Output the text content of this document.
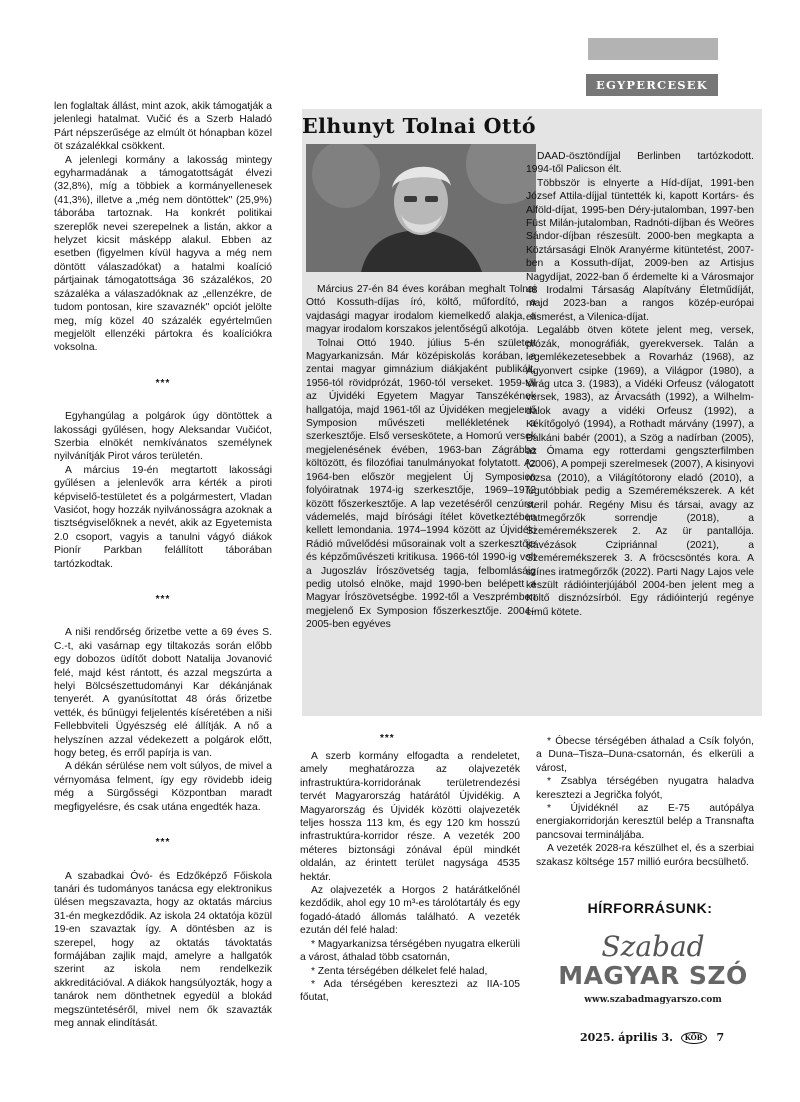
EGYPERCESEK

len foglaltak állást, mint azok, akik támogatják a jelenlegi hatalmat. Vučić és a Szerb Haladó Párt népszerűsége az elmúlt öt hónapban közel öt százalékkal csökkent.

A jelenlegi kormány a lakosság mintegy egyharmadának a támogatottságát élvezi (32,8%), míg a többiek a kormányellenesek (41,3%), illetve a „még nem döntöttek" (25,9%) táborába tartoznak. Ha konkrét politikai szereplők nevei szerepelnek a listán, akkor a helyzet kicsit másképp alakul. Ebben az esetben (figyelmen kívül hagyva a még nem döntött válaszadókat) a hatalmi koalíció pártjainak támogatottsága 36 százalékos, 20 százaléka a válaszadóknak az „ellenzékre, de tudom pontosan, kire szavaznék" opciót jelölte meg, míg közel 40 százalék egyértelműen megjelölt ellenzéki pártokra és koalíciókra voksolna.

***

Egyhangúlag a polgárok úgy döntöttek a lakossági gyűlésen, hogy Aleksandar Vučićot, Szerbia elnökét nemkívánatos személynek nyilvánítják Pirot város területén.

A március 19-én megtartott lakossági gyűlésen a jelenlevők arra kérték a piroti képviselő-testületet és a polgármestert, Vladan Vasićot, hogy hozzák nyilvánosságra azoknak a tisztségviselőknek a nevét, akik az Egyetemista 2.0 csoport, vagyis a tanulni vágyó diákok Pionír Parkban felállított táborában tartózkodtak.

***

A niši rendőrség őrizetbe vette a 69 éves S. C.-t, aki vasárnap egy tiltakozás során előbb egy dobozos üdítőt dobott Natalija Jovanović felé, majd kést rántott, és azzal megszúrta a helyi Bölcsészettudományi Kar dékánjának tenyerét. A gyanúsítottat 48 órás őrizetbe vették, és bűnügyi feljelentés kíséretében a niši Fellebbviteli Ügyészség elé állítják. A nő a helyszínen azzal védekezett a polgárok előtt, hogy beteg, és erről papírja is van.

A dékán sérülése nem volt súlyos, de mivel a vérnyomása felment, így egy rövidebb ideig még a Sürgősségi Központban maradt megfigyelésre, és csak utána engedték haza.

***

A szabadkai Óvó- és Edzőképző Főiskola tanári és tudományos tanácsa egy elektronikus ülésen megszavazta, hogy az oktatás március 31-én megkezdődik. Az iskola 24 oktatója közül 19-en szavaztak így. A döntésben az is szerepel, hogy az oktatás távoktatás formájában zajlik majd, amelyre a hallgatók szerint az iskola nem rendelkezik akkreditációval. A diákok hangsúlyozták, hogy a tanárok nem dönthetnek egyedül a blokád megszüntetéséről, mivel nem ők szavazták meg annak elindítását.

Elhunyt Tolnai Ottó

Március 27-én 84 éves korában meghalt Tolnai Ottó Kossuth-díjas író, költő, műfordító, a vajdasági magyar irodalom kiemelkedő alakja, a magyar irodalom korszakos jelentőségű alkotója.

Tolnai Ottó 1940. július 5-én született Magyarkanizsán. Már középiskolás korában, a zentai magyar gimnázium diákjaként publikált, 1956-tól rövidprózát, 1960-tól verseket. 1959-től az Újvidéki Egyetem Magyar Tanszékének hallgatója, majd 1961-től az Újvidéken megjelenő Symposion művészeti mellékletének a szerkesztője. Első verseskötete, a Homorú versek megjelenésének évében, 1963-ban Zágrábba költözött, és filozófiai tanulmányokat folytatott. Az 1964-ben először megjelent Új Symposion folyóiratnak 1974-ig szerkesztője, 1969–1972 között főszerkesztője. A lap vezetéséről cenzúra, vádemelés, majd bírósági ítélet következtében kellett lemondania. 1974–1994 között az Újvidéki Rádió művelődési műsorainak volt a szerkesztője és képzőművészeti kritikusa. 1966-tól 1990-ig volt a Jugoszláv Írószövetség tagja, felbomlásáig pedig utolsó elnöke, majd 1990-ben belépett a Magyar Írószövetségbe. 1992-től a Veszprémben megjelenő Ex Symposion főszerkesztője. 2004–2005-ben egyéves

DAAD-ösztöndíjjal Berlinben tartózkodott. 1994-től Palicson élt.

Többször is elnyerte a Híd-díjat, 1991-ben József Attila-díjjal tüntették ki, kapott Kortárs- és Alföld-díjat, 1995-ben Déry-jutalomban, 1997-ben Füst Milán-jutalomban, Radnóti-díjban és Weöres Sándor-díjban részesült. 2000-ben megkapta a Köztársasági Elnök Aranyérme kitüntetést, 2007-ben a Kossuth-díjat, 2009-ben az Artisjus Nagydíjat, 2022-ban ő érdemelte ki a Városmajor 48 Irodalmi Társaság Alapítvány Életműdíját, majd 2023-ban a rangos közép-európai elismerést, a Vilenica-díjat.

Legalább ötven kötete jelent meg, versek, prózák, monográfiák, gyerekversek. Talán a legemlékezetesebbek a Rovarház (1968), az Agyonvert csipke (1969), a Világpor (1980), a Virág utca 3. (1983), a Vidéki Orfeusz (válogatott versek, 1983), az Árvacsáth (1992), a Wilhelm-dalok avagy a vidéki Orfeusz (1992), a Kékítőgolyó (1994), a Rothadt márvány (1997), a Balkáni babér (2001), a Szög a nadírban (2005), az Ómama egy rotterdami gengszterfilmben (2006), A pompeji szerelmesek (2007), A kisinyovi rózsa (2010), a Világítótorony eladó (2010), a legutóbbiak pedig a Szeméremékszerek. A két steril pohár. Regény Misu és társai, avagy az iratmegőrzők sorrendje (2018), a Szeméremékszerek 2. Az ür pantallója. Kávézások Czipriánnal (2021), a Szeméremékszerek 3. A fröcscsöntés kora. A színes iratmegőrzők (2022). Parti Nagy Lajos vele készült rádióinterjújából 2004-ben jelent meg a Költő disznózsírból. Egy rádióinterjú regénye című kötete.

***

A szerb kormány elfogadta a rendeletet, amely meghatározza az olajvezeték infrastruktúra-korridorának területrendezési tervét Magyarország határától Újvidékig. A Magyarország és Újvidék közötti olajvezeték teljes hossza 113 km, és egy 120 km hosszú infrastruktúra-korridor része. A vezeték 200 méteres biztonsági zónával épül mindkét oldalán, az érintett terület nagysága 4535 hektár.

Az olajvezeték a Horgos 2 határátkelőnél kezdődik, ahol egy 10 m³-es tárolótartály és egy fogadó-átadó állomás található. A vezeték ezután dél felé halad:

* Magyarkanizsa térségében nyugatra elkerüli a várost, áthalad több csatornán,

* Zenta térségében délkelet felé halad,

* Ada térségében keresztezi az IIA-105 főutat,

* Óbecse térségében áthalad a Csík folyón, a Duna–Tisza–Duna-csatornán, és elkerüli a várost,

* Zsablya térségében nyugatra haladva keresztezi a Jegrička folyót,

* Újvidéknél az E-75 autópálya energiakorridorján keresztül belép a Transnafta pancsovai termináljába.

A vezeték 2028-ra készülhet el, és a szerbiai szakasz költsége 157 millió euróra becsülhető.

HÍRFORRÁSUNK:
Szabad
MAGYAR SZÓ
www.szabadmagyarszo.com
2025. április 3. KÖR 7
